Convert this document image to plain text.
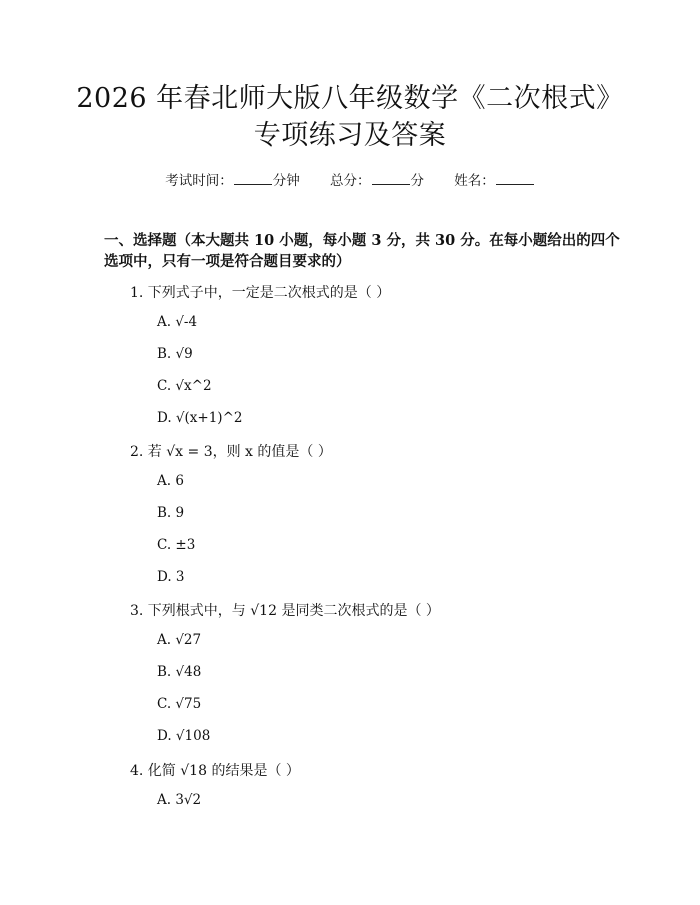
2026 年春北师大版八年级数学《二次根式》
专项练习及答案
考试时间：	分钟 总分：	分 姓名：
一、选择题（本大题共 10 小题，每小题 3 分，共 30 分。在每小题给出的四个选项中，只有一项是符合题目要求的）
1. 下列式子中，一定是二次根式的是（ ）
A. √-4
B. √9
C. √x^2
D. √(x+1)^2
2. 若 √x = 3，则 x 的值是（ ）
A. 6
B. 9
C. ±3
D. 3
3. 下列根式中，与 √12 是同类二次根式的是（ ）
A. √27
B. √48
C. √75
D. √108
4. 化简 √18 的结果是（ ）
A. 3√2
